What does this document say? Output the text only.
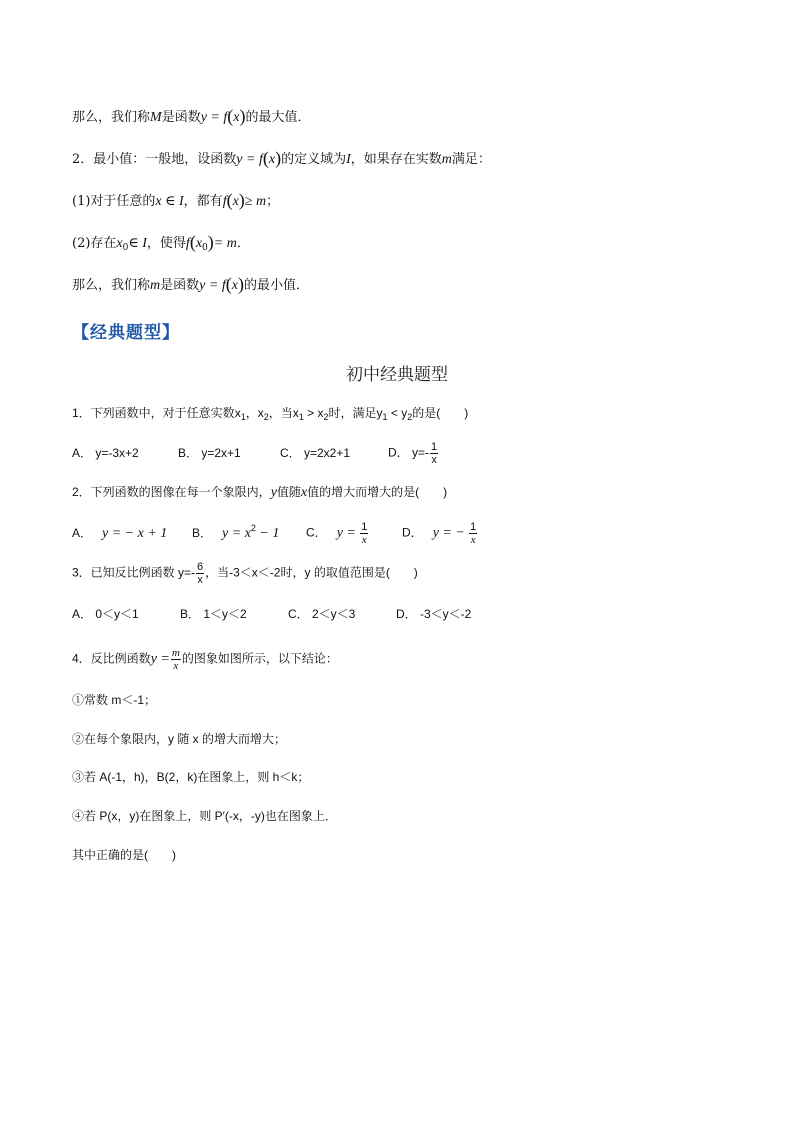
那么，我们称M是函数y = f(x)的最大值．
2．最小值：一般地，设函数y = f(x)的定义域为I，如果存在实数m满足：
(1)对于任意的x ∈ I，都有f(x)≥ m；
(2)存在$x_0\in$ I，使得$f(x_0)= m$．
那么，我们称m是函数y = f(x)的最小值．
【经典题型】
初中经典题型
1．下列函数中，对于任意实数$x_1$，$x_2$，当$x_1 > x_2$时，满足$y_1 < y_2$的是(　　)
A． y=-3x+2	B． y=2x+1	C． y=2x2+1	D． $y=- \frac{1}{x}$
2．下列函数的图像在每一个象限内，y值随x值的增大而增大的是(　　)
A． y = − x + 1 B． $y = x^2 - 1$ C． $y = \frac{1}{x}$	D． y = − $\frac{1}{x}$
3．已知反比例函数 $y=- \frac{6}{x}$ ，当-3＜x＜-2时，y 的取值范围是(　　)
A． 0＜y＜1	B． 1＜y＜2	C． 2＜y＜3	D． -3＜y＜-2
4．反比例函数$y = \frac{m}{x}$ 的图象如图所示，以下结论：
①常数 m＜-1；
②在每个象限内，y 随 x 的增大而增大；
③若 A(-1，h)，B(2，k)在图象上，则 h＜k；
④若 P(x，y)在图象上，则 P′(-x，-y)也在图象上．
其中正确的是(　　)
